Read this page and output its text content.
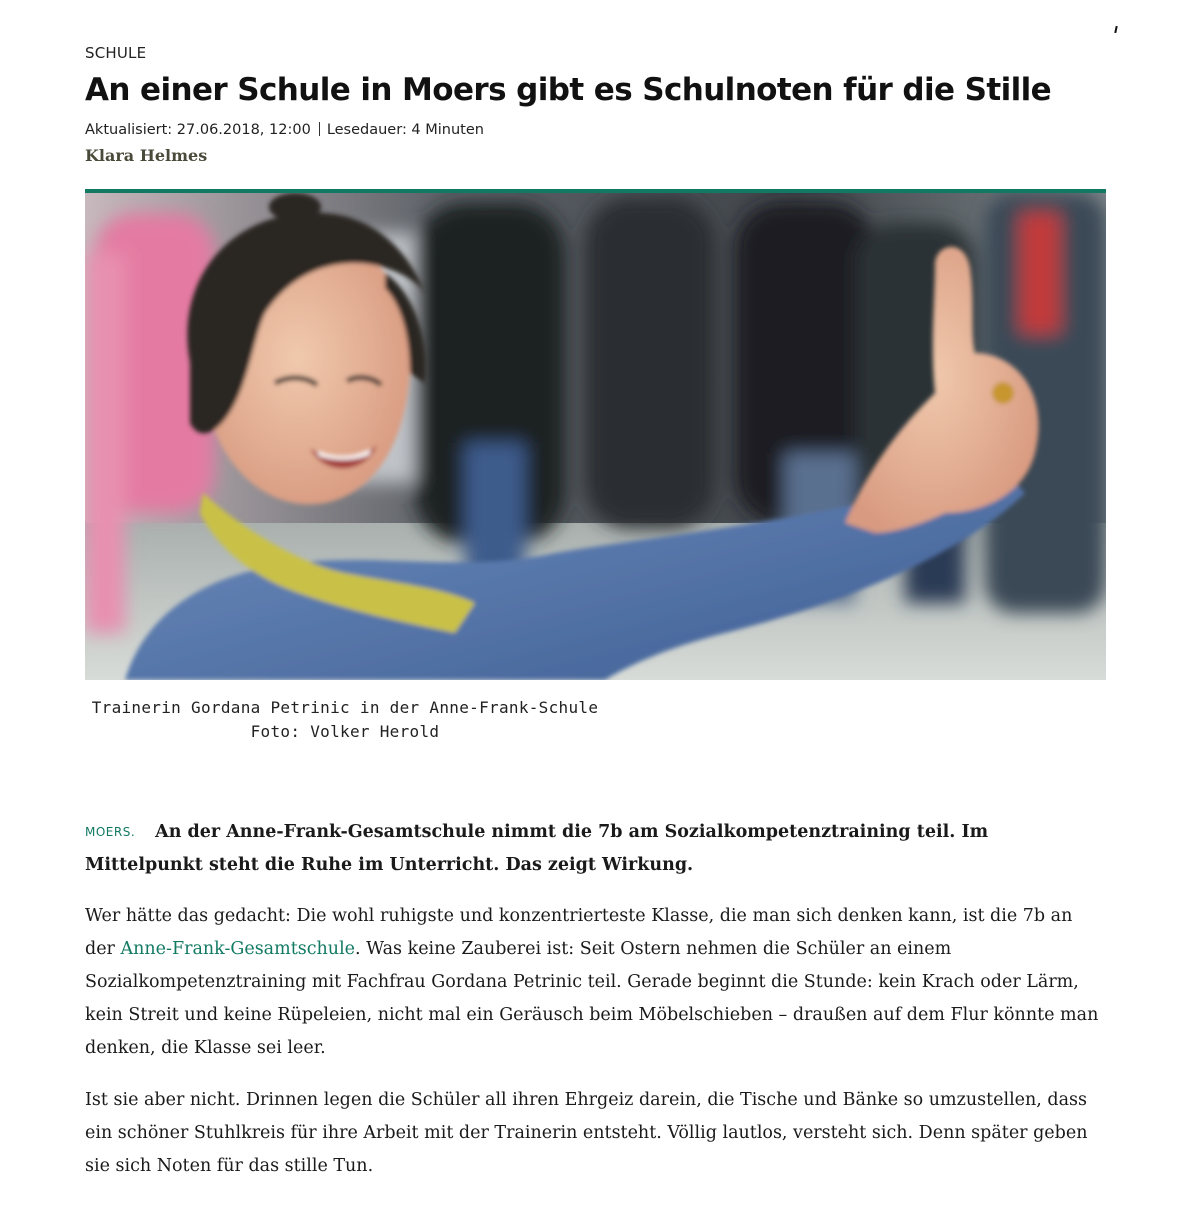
SCHULE
An einer Schule in Moers gibt es Schulnoten für die Stille
Aktualisiert: 27.06.2018, 12:00 Lesedauer: 4 Minuten
Klara Helmes
Trainerin Gordana Petrinic in der Anne-Frank-Schule
Foto: Volker Herold
MOERS. An der Anne-Frank-Gesamtschule nimmt die 7b am Sozialkompetenztraining teil. Im Mittelpunkt steht die Ruhe im Unterricht. Das zeigt Wirkung.

Wer hätte das gedacht: Die wohl ruhigste und konzentrierteste Klasse, die man sich denken kann, ist die 7b an der Anne-Frank-Gesamtschule. Was keine Zauberei ist: Seit Ostern nehmen die Schüler an einem Sozialkompetenztraining mit Fachfrau Gordana Petrinic teil. Gerade beginnt die Stunde: kein Krach oder Lärm, kein Streit und keine Rüpeleien, nicht mal ein Geräusch beim Möbelschieben – draußen auf dem Flur könnte man denken, die Klasse sei leer.

Ist sie aber nicht. Drinnen legen die Schüler all ihren Ehrgeiz darein, die Tische und Bänke so umzustellen, dass ein schöner Stuhlkreis für ihre Arbeit mit der Trainerin entsteht. Völlig lautlos, versteht sich. Denn später geben sie sich Noten für das stille Tun.
